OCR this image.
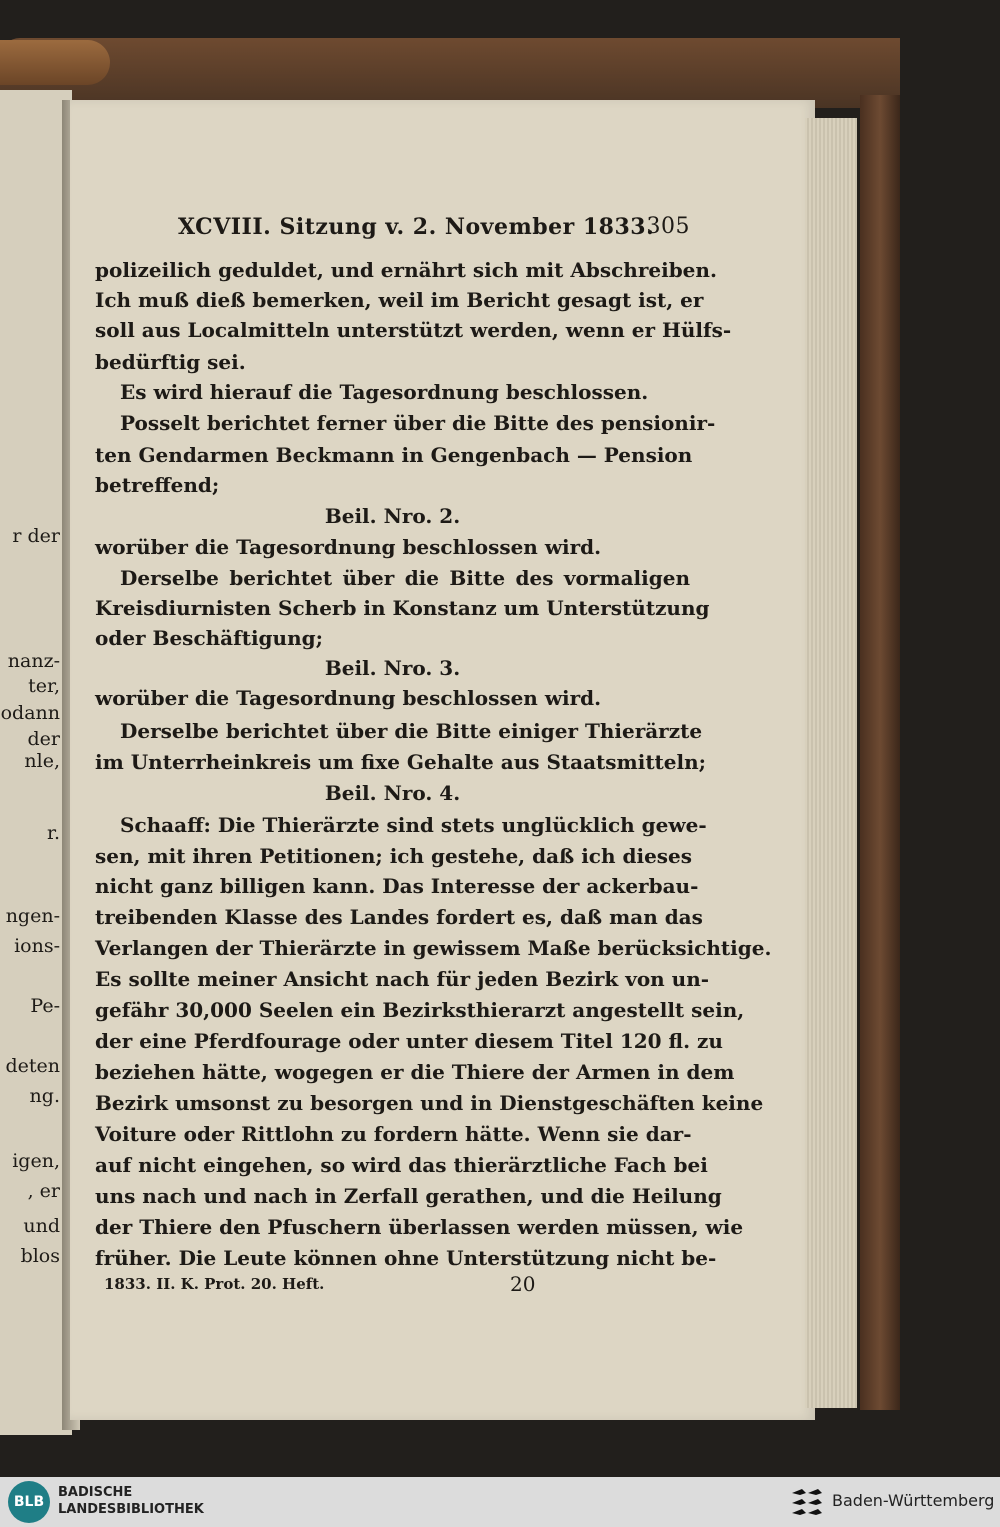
r der
nanz-
ter,
odann
der
nle,
r.
ngen-
ions-
Pe-
deten
ng.
igen,
, er
und
blos
XCVIII. Sitzung v. 2. November 1833.
305
polizeilich geduldet, und ernährt sich mit Abschreiben.
Ich muß dieß bemerken, weil im Bericht gesagt ist, er
soll aus Localmitteln unterstützt werden, wenn er Hülfs-
bedürftig sei.
Es wird hierauf die Tagesordnung beschlossen.
Posselt berichtet ferner über die Bitte des pensionir-
ten Gendarmen Beckmann in Gengenbach — Pension
betreffend;
Beil. Nro. 2.
worüber die Tagesordnung beschlossen wird.
Derselbe berichtet über die Bitte des vormaligen
Kreisdiurnisten Scherb in Konstanz um Unterstützung
oder Beschäftigung;
Beil. Nro. 3.
worüber die Tagesordnung beschlossen wird.
Derselbe berichtet über die Bitte einiger Thierärzte
im Unterrheinkreis um fixe Gehalte aus Staatsmitteln;
Beil. Nro. 4.
Schaaff: Die Thierärzte sind stets unglücklich gewe-
sen, mit ihren Petitionen; ich gestehe, daß ich dieses
nicht ganz billigen kann. Das Interesse der ackerbau-
treibenden Klasse des Landes fordert es, daß man das
Verlangen der Thierärzte in gewissem Maße berücksichtige.
Es sollte meiner Ansicht nach für jeden Bezirk von un-
gefähr 30,000 Seelen ein Bezirksthierarzt angestellt sein,
der eine Pferdfourage oder unter diesem Titel 120 fl. zu
beziehen hätte, wogegen er die Thiere der Armen in dem
Bezirk umsonst zu besorgen und in Dienstgeschäften keine
Voiture oder Rittlohn zu fordern hätte. Wenn sie dar-
auf nicht eingehen, so wird das thierärztliche Fach bei
uns nach und nach in Zerfall gerathen, und die Heilung
der Thiere den Pfuschern überlassen werden müssen, wie
früher. Die Leute können ohne Unterstützung nicht be-
1833. II. K. Prot. 20. Heft.	20
BLB
BADISCHE
LANDESBIBLIOTHEK	Baden-Württemberg
